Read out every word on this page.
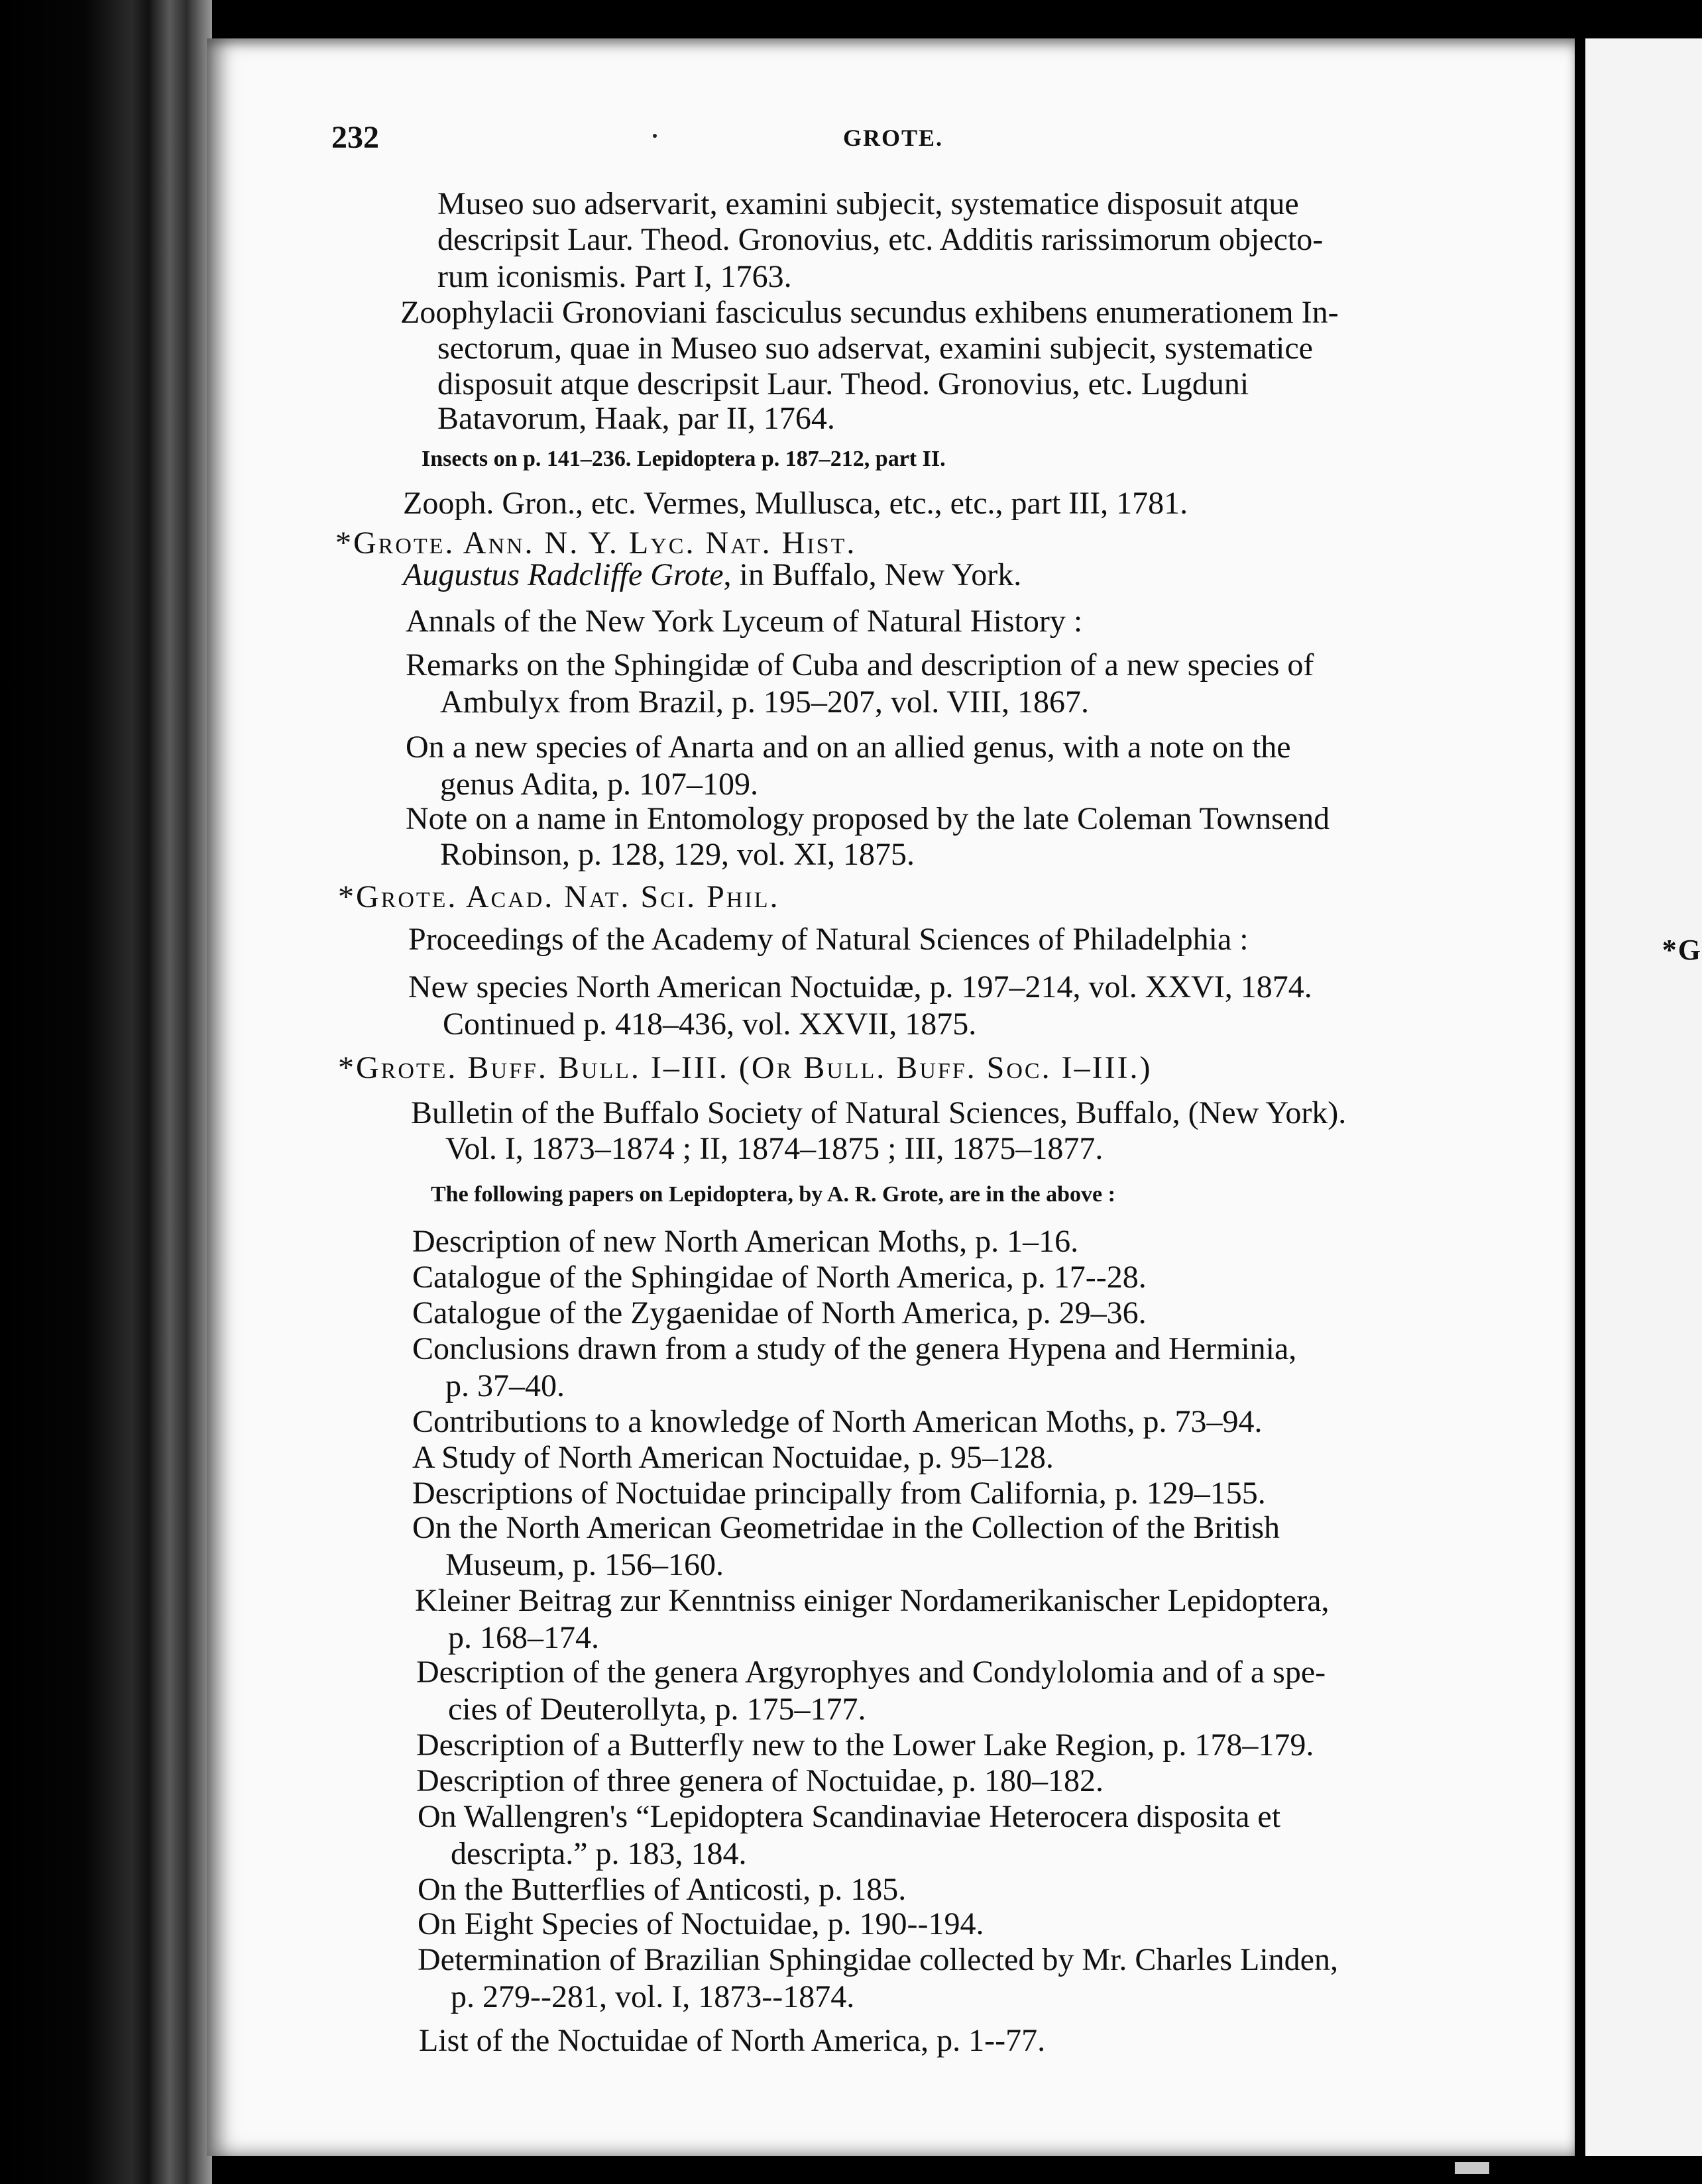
*G
232	GROTE.
Museo suo adservarit, examini subjecit, systematice disposuit atque
descripsit Laur. Theod. Gronovius, etc. Additis rarissimorum objecto-
rum iconismis. Part I, 1763.
Zoophylacii Gronoviani fasciculus secundus exhibens enumerationem In-
sectorum, quae in Museo suo adservat, examini subjecit, systematice
disposuit atque descripsit Laur. Theod. Gronovius, etc. Lugduni
Batavorum, Haak, par II, 1764.
Insects on p. 141–236. Lepidoptera p. 187–212, part II.
Zooph. Gron., etc. Vermes, Mullusca, etc., etc., part III, 1781.
*Grote. Ann. N. Y. Lyc. Nat. Hist.
Augustus Radcliffe Grote, in Buffalo, New York.
Annals of the New York Lyceum of Natural History :
Remarks on the Sphingidæ of Cuba and description of a new species of
Ambulyx from Brazil, p. 195–207, vol. VIII, 1867.
On a new species of Anarta and on an allied genus, with a note on the
genus Adita, p. 107–109.
Note on a name in Entomology proposed by the late Coleman Townsend
Robinson, p. 128, 129, vol. XI, 1875.
*Grote. Acad. Nat. Sci. Phil.
Proceedings of the Academy of Natural Sciences of Philadelphia :
New species North American Noctuidæ, p. 197–214, vol. XXVI, 1874.
Continued p. 418–436, vol. XXVII, 1875.
*Grote. Buff. Bull. I–III. (Or Bull. Buff. Soc. I–III.)
Bulletin of the Buffalo Society of Natural Sciences, Buffalo, (New York).
Vol. I, 1873–1874 ; II, 1874–1875 ; III, 1875–1877.
The following papers on Lepidoptera, by A. R. Grote, are in the above :
Description of new North American Moths, p. 1–16.
Catalogue of the Sphingidae of North America, p. 17--28.
Catalogue of the Zygaenidae of North America, p. 29–36.
Conclusions drawn from a study of the genera Hypena and Herminia,
p. 37–40.
Contributions to a knowledge of North American Moths, p. 73–94.
A Study of North American Noctuidae, p. 95–128.
Descriptions of Noctuidae principally from California, p. 129–155.
On the North American Geometridae in the Collection of the British
Museum, p. 156–160.
Kleiner Beitrag zur Kenntniss einiger Nordamerikanischer Lepidoptera,
p. 168–174.
Description of the genera Argyrophyes and Condylolomia and of a spe-
cies of Deuterollyta, p. 175–177.
Description of a Butterfly new to the Lower Lake Region, p. 178–179.
Description of three genera of Noctuidae, p. 180–182.
On Wallengren's “Lepidoptera Scandinaviae Heterocera disposita et
descripta.” p. 183, 184.
On the Butterflies of Anticosti, p. 185.
On Eight Species of Noctuidae, p. 190--194.
Determination of Brazilian Sphingidae collected by Mr. Charles Linden,
p. 279--281, vol. I, 1873--1874.
List of the Noctuidae of North America, p. 1--77.
